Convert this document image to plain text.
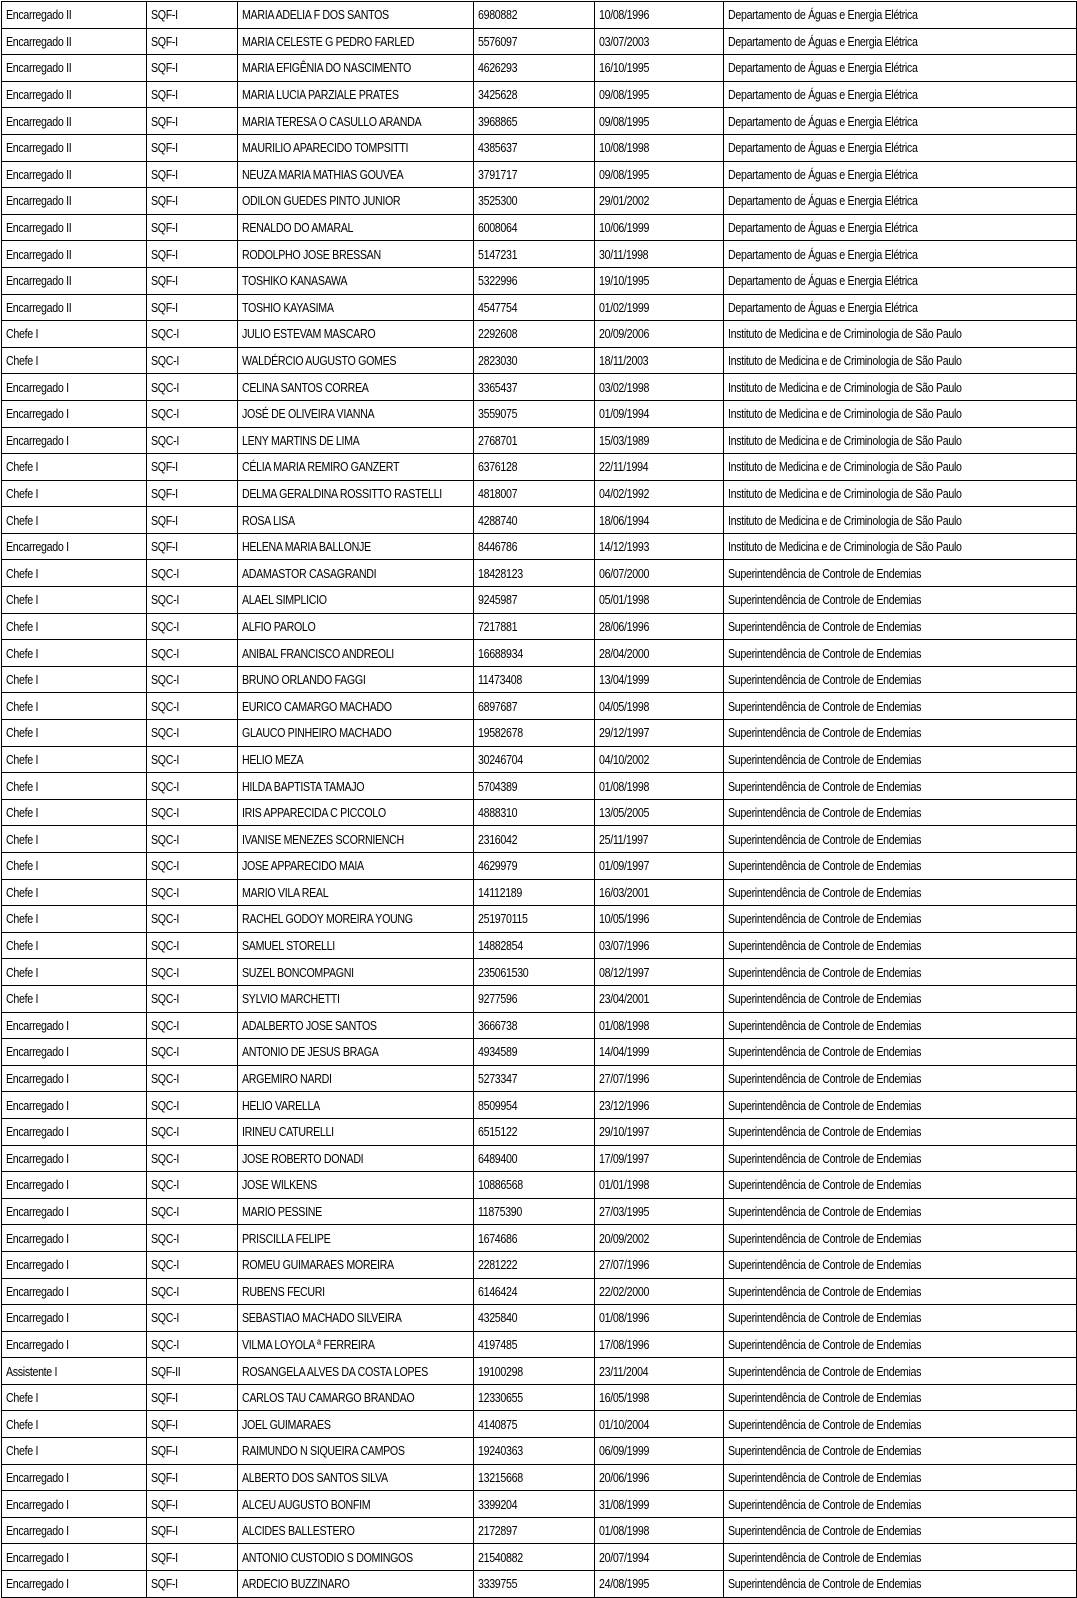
Encarregado II	SQF-I	MARIA ADELIA F DOS SANTOS	6980882	10/08/1996	Departamento de Águas e Energia Elétrica
Encarregado II	SQF-I	MARIA CELESTE G PEDRO FARLED	5576097	03/07/2003	Departamento de Águas e Energia Elétrica
Encarregado II	SQF-I	MARIA EFIGÊNIA DO NASCIMENTO	4626293	16/10/1995	Departamento de Águas e Energia Elétrica
Encarregado II	SQF-I	MARIA LUCIA PARZIALE PRATES	3425628	09/08/1995	Departamento de Águas e Energia Elétrica
Encarregado II	SQF-I	MARIA TERESA O CASULLO ARANDA	3968865	09/08/1995	Departamento de Águas e Energia Elétrica
Encarregado II	SQF-I	MAURILIO APARECIDO TOMPSITTI	4385637	10/08/1998	Departamento de Águas e Energia Elétrica
Encarregado II	SQF-I	NEUZA MARIA MATHIAS GOUVEA	3791717	09/08/1995	Departamento de Águas e Energia Elétrica
Encarregado II	SQF-I	ODILON GUEDES PINTO JUNIOR	3525300	29/01/2002	Departamento de Águas e Energia Elétrica
Encarregado II	SQF-I	RENALDO DO AMARAL	6008064	10/06/1999	Departamento de Águas e Energia Elétrica
Encarregado II	SQF-I	RODOLPHO JOSE BRESSAN	5147231	30/11/1998	Departamento de Águas e Energia Elétrica
Encarregado II	SQF-I	TOSHIKO KANASAWA	5322996	19/10/1995	Departamento de Águas e Energia Elétrica
Encarregado II	SQF-I	TOSHIO KAYASIMA	4547754	01/02/1999	Departamento de Águas e Energia Elétrica
Chefe I	SQC-I	JULIO ESTEVAM MASCARO	2292608	20/09/2006	Instituto de Medicina e de Criminologia de São Paulo
Chefe I	SQC-I	WALDÉRCIO AUGUSTO GOMES	2823030	18/11/2003	Instituto de Medicina e de Criminologia de São Paulo
Encarregado I	SQC-I	CELINA SANTOS CORREA	3365437	03/02/1998	Instituto de Medicina e de Criminologia de São Paulo
Encarregado I	SQC-I	JOSÉ DE OLIVEIRA VIANNA	3559075	01/09/1994	Instituto de Medicina e de Criminologia de São Paulo
Encarregado I	SQC-I	LENY MARTINS DE LIMA	2768701	15/03/1989	Instituto de Medicina e de Criminologia de São Paulo
Chefe I	SQF-I	CÉLIA MARIA REMIRO GANZERT	6376128	22/11/1994	Instituto de Medicina e de Criminologia de São Paulo
Chefe I	SQF-I	DELMA GERALDINA ROSSITTO RASTELLI	4818007	04/02/1992	Instituto de Medicina e de Criminologia de São Paulo
Chefe I	SQF-I	ROSA LISA	4288740	18/06/1994	Instituto de Medicina e de Criminologia de São Paulo
Encarregado I	SQF-I	HELENA MARIA BALLONJE	8446786	14/12/1993	Instituto de Medicina e de Criminologia de São Paulo
Chefe I	SQC-I	ADAMASTOR CASAGRANDI	18428123	06/07/2000	Superintendência de Controle de Endemias
Chefe I	SQC-I	ALAEL SIMPLICIO	9245987	05/01/1998	Superintendência de Controle de Endemias
Chefe I	SQC-I	ALFIO PAROLO	7217881	28/06/1996	Superintendência de Controle de Endemias
Chefe I	SQC-I	ANIBAL FRANCISCO ANDREOLI	16688934	28/04/2000	Superintendência de Controle de Endemias
Chefe I	SQC-I	BRUNO ORLANDO FAGGI	11473408	13/04/1999	Superintendência de Controle de Endemias
Chefe I	SQC-I	EURICO CAMARGO MACHADO	6897687	04/05/1998	Superintendência de Controle de Endemias
Chefe I	SQC-I	GLAUCO PINHEIRO MACHADO	19582678	29/12/1997	Superintendência de Controle de Endemias
Chefe I	SQC-I	HELIO MEZA	30246704	04/10/2002	Superintendência de Controle de Endemias
Chefe I	SQC-I	HILDA BAPTISTA TAMAJO	5704389	01/08/1998	Superintendência de Controle de Endemias
Chefe I	SQC-I	IRIS APPARECIDA C PICCOLO	4888310	13/05/2005	Superintendência de Controle de Endemias
Chefe I	SQC-I	IVANISE MENEZES SCORNIENCH	2316042	25/11/1997	Superintendência de Controle de Endemias
Chefe I	SQC-I	JOSE APPARECIDO MAIA	4629979	01/09/1997	Superintendência de Controle de Endemias
Chefe I	SQC-I	MARIO VILA REAL	14112189	16/03/2001	Superintendência de Controle de Endemias
Chefe I	SQC-I	RACHEL GODOY MOREIRA YOUNG	251970115	10/05/1996	Superintendência de Controle de Endemias
Chefe I	SQC-I	SAMUEL STORELLI	14882854	03/07/1996	Superintendência de Controle de Endemias
Chefe I	SQC-I	SUZEL BONCOMPAGNI	235061530	08/12/1997	Superintendência de Controle de Endemias
Chefe I	SQC-I	SYLVIO MARCHETTI	9277596	23/04/2001	Superintendência de Controle de Endemias
Encarregado I	SQC-I	ADALBERTO JOSE SANTOS	3666738	01/08/1998	Superintendência de Controle de Endemias
Encarregado I	SQC-I	ANTONIO DE JESUS BRAGA	4934589	14/04/1999	Superintendência de Controle de Endemias
Encarregado I	SQC-I	ARGEMIRO NARDI	5273347	27/07/1996	Superintendência de Controle de Endemias
Encarregado I	SQC-I	HELIO VARELLA	8509954	23/12/1996	Superintendência de Controle de Endemias
Encarregado I	SQC-I	IRINEU CATURELLI	6515122	29/10/1997	Superintendência de Controle de Endemias
Encarregado I	SQC-I	JOSE ROBERTO DONADI	6489400	17/09/1997	Superintendência de Controle de Endemias
Encarregado I	SQC-I	JOSE WILKENS	10886568	01/01/1998	Superintendência de Controle de Endemias
Encarregado I	SQC-I	MARIO PESSINE	11875390	27/03/1995	Superintendência de Controle de Endemias
Encarregado I	SQC-I	PRISCILLA FELIPE	1674686	20/09/2002	Superintendência de Controle de Endemias
Encarregado I	SQC-I	ROMEU GUIMARAES MOREIRA	2281222	27/07/1996	Superintendência de Controle de Endemias
Encarregado I	SQC-I	RUBENS FECURI	6146424	22/02/2000	Superintendência de Controle de Endemias
Encarregado I	SQC-I	SEBASTIAO MACHADO SILVEIRA	4325840	01/08/1996	Superintendência de Controle de Endemias
Encarregado I	SQC-I	VILMA LOYOLA ª FERREIRA	4197485	17/08/1996	Superintendência de Controle de Endemias
Assistente I	SQF-II	ROSANGELA ALVES DA COSTA LOPES	19100298	23/11/2004	Superintendência de Controle de Endemias
Chefe I	SQF-I	CARLOS TAU CAMARGO BRANDAO	12330655	16/05/1998	Superintendência de Controle de Endemias
Chefe I	SQF-I	JOEL GUIMARAES	4140875	01/10/2004	Superintendência de Controle de Endemias
Chefe I	SQF-I	RAIMUNDO N SIQUEIRA CAMPOS	19240363	06/09/1999	Superintendência de Controle de Endemias
Encarregado I	SQF-I	ALBERTO DOS SANTOS SILVA	13215668	20/06/1996	Superintendência de Controle de Endemias
Encarregado I	SQF-I	ALCEU AUGUSTO BONFIM	3399204	31/08/1999	Superintendência de Controle de Endemias
Encarregado I	SQF-I	ALCIDES BALLESTERO	2172897	01/08/1998	Superintendência de Controle de Endemias
Encarregado I	SQF-I	ANTONIO CUSTODIO S DOMINGOS	21540882	20/07/1994	Superintendência de Controle de Endemias
Encarregado I	SQF-I	ARDECIO BUZZINARO	3339755	24/08/1995	Superintendência de Controle de Endemias
